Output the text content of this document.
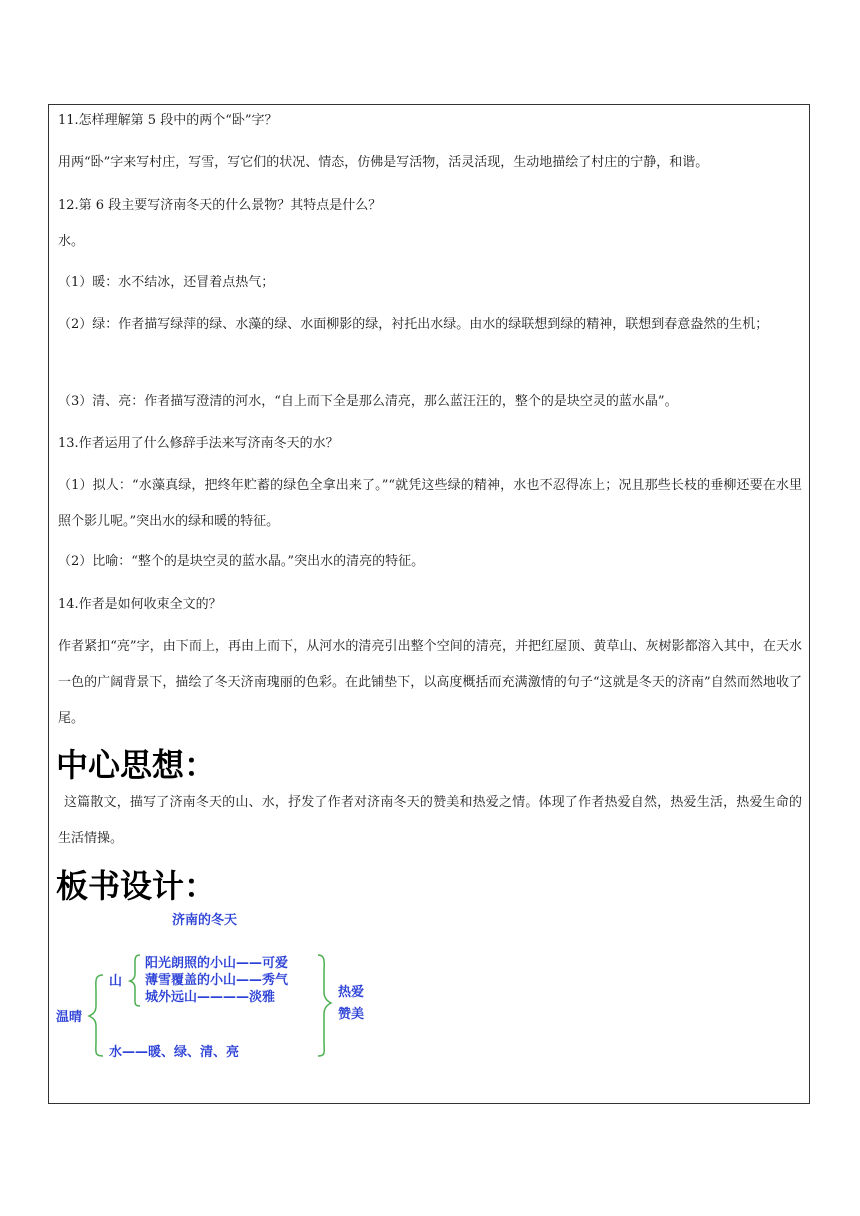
11.怎样理解第 5 段中的两个“卧”字？
用两“卧”字来写村庄，写雪，写它们的状况、情态，仿佛是写活物，活灵活现，生动地描绘了村庄的宁静，和谐。
12.第 6 段主要写济南冬天的什么景物？其特点是什么？
水。
（1）暖：水不结冰，还冒着点热气；
（2）绿：作者描写绿萍的绿、水藻的绿、水面柳影的绿，衬托出水绿。由水的绿联想到绿的精神，联想到春意盎然的生机；
（3）清、亮：作者描写澄清的河水，“自上而下全是那么清亮，那么蓝汪汪的，整个的是块空灵的蓝水晶”。
13.作者运用了什么修辞手法来写济南冬天的水？
（1）拟人：“水藻真绿，把终年贮蓄的绿色全拿出来了。”“就凭这些绿的精神，水也不忍得冻上；况且那些长枝的垂柳还要在水里照个影儿呢。”突出水的绿和暖的特征。
（2）比喻：“整个的是块空灵的蓝水晶。”突出水的清亮的特征。
14.作者是如何收束全文的？
作者紧扣“亮”字，由下而上，再由上而下，从河水的清亮引出整个空间的清亮，并把红屋顶、黄草山、灰树影都溶入其中，在天水一色的广阔背景下，描绘了冬天济南瑰丽的色彩。在此铺垫下，以高度概括而充满激情的句子“这就是冬天的济南”自然而然地收了尾。
中心思想：
这篇散文，描写了济南冬天的山、水，抒发了作者对济南冬天的赞美和热爱之情。体现了作者热爱自然，热爱生活，热爱生命的生活情操。
板书设计：
济南的冬天
温晴
山
阳光朗照的小山——可爱
薄雪覆盖的小山——秀气
城外远山————淡雅
水——暖、绿、清、亮
热爱
赞美
